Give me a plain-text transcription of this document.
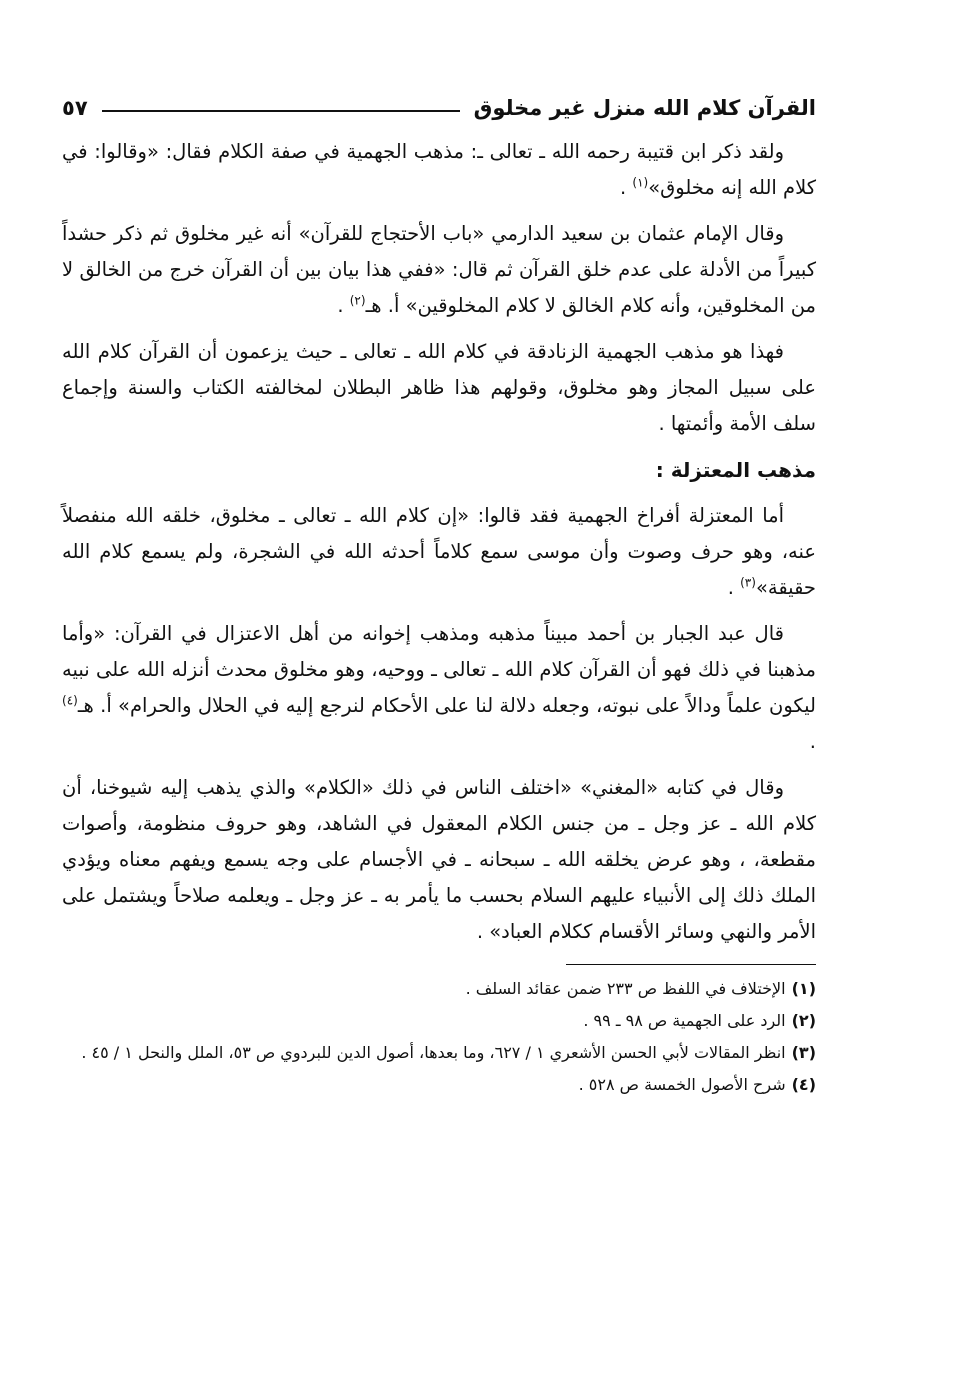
القرآن كلام الله منزل غير مخلوق
٥٧

ولقد ذكر ابن قتيبة رحمه الله ـ تعالى ـ: مذهب الجهمية في صفة الكلام فقال: «وقالوا: في كلام الله إنه مخلوق»$^{(١)}$ .

وقال الإمام عثمان بن سعيد الدارمي «باب الأحتجاج للقرآن» أنه غير مخلوق ثم ذكر حشداً كبيراً من الأدلة على عدم خلق القرآن ثم قال: «ففي هذا بيان بين أن القرآن خرج من الخالق لا من المخلوقين، وأنه كلام الخالق لا كلام المخلوقين» أ. هـ$^{(٢)}$ .

فهذا هو مذهب الجهمية الزنادقة في كلام الله ـ تعالى ـ حيث يزعمون أن القرآن كلام الله على سبيل المجاز وهو مخلوق، وقولهم هذا ظاهر البطلان لمخالفته الكتاب والسنة وإجماع سلف الأمة وأئمتها .

مذهب المعتزلة :

أما المعتزلة أفراخ الجهمية فقد قالوا: «إن كلام الله ـ تعالى ـ مخلوق، خلقه الله منفصلاً عنه، وهو حرف وصوت وأن موسى سمع كلاماً أحدثه الله في الشجرة، ولم يسمع كلام الله حقيقة»$^{(٣)}$ .

قال عبد الجبار بن أحمد مبيناً مذهبه ومذهب إخوانه من أهل الاعتزال في القرآن: «وأما مذهبنا في ذلك فهو أن القرآن كلام الله ـ تعالى ـ ووحيه، وهو مخلوق محدث أنزله الله على نبيه ليكون علماً ودالاً على نبوته، وجعله دلالة لنا على الأحكام لنرجع إليه في الحلال والحرام» أ. هـ$^{(٤)}$ .

وقال في كتابه «المغني» «اختلف الناس في ذلك «الكلام» والذي يذهب إليه شيوخنا، أن كلام الله ـ عز وجل ـ من جنس الكلام المعقول في الشاهد، وهو حروف منظومة، وأصوات مقطعة، ، وهو عرض يخلقه الله ـ سبحانه ـ في الأجسام على وجه يسمع ويفهم معناه ويؤدي الملك ذلك إلى الأنبياء عليهم السلام بحسب ما يأمر به ـ عز وجل ـ ويعلمه صلاحاً ويشتمل على الأمر والنهي وسائر الأقسام ككلام العباد» .

(١)الإختلاف في اللفظ ص ٢٣٣ ضمن عقائد السلف .
(٢)الرد على الجهمية ص ٩٨ ـ ٩٩ .
(٣)انظر المقالات لأبي الحسن الأشعري ١ / ٦٢٧، وما بعدها، أصول الدين للبردوي ص ٥٣، الملل والنحل ١ / ٤٥ .
(٤)شرح الأصول الخمسة ص ٥٢٨ .
